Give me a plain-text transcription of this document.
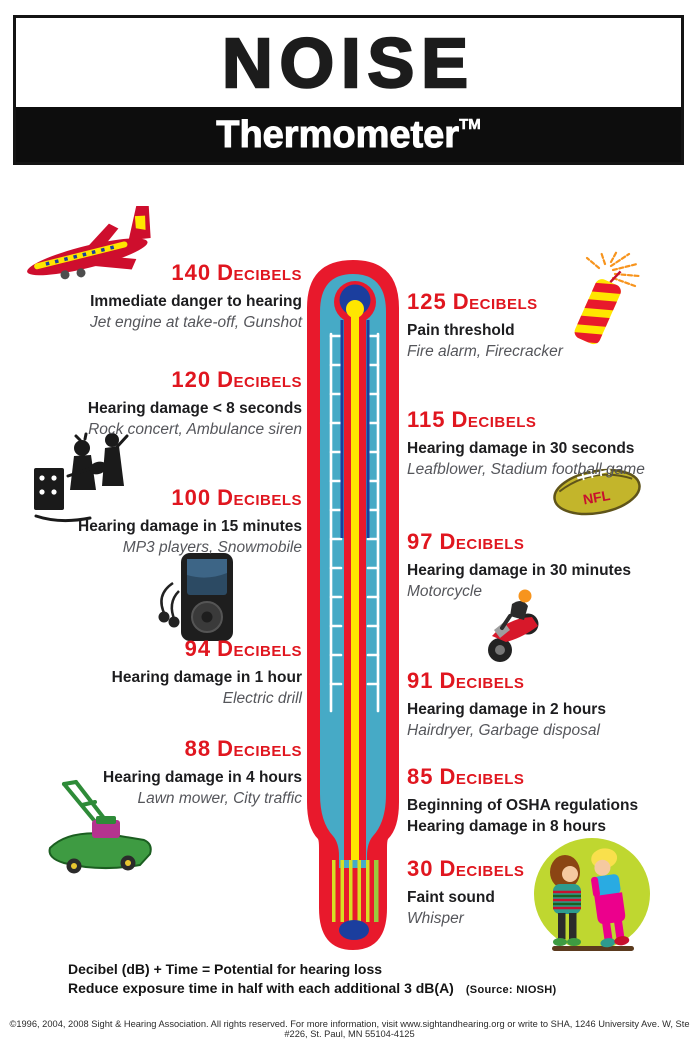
NOISE
Thermometer™
NFL
140 DECIBELS
Immediate danger to hearing
Jet engine at take-off, Gunshot
120 DECIBELS
Hearing damage < 8 seconds
Rock concert, Ambulance siren
100 DECIBELS
Hearing damage in 15 minutes
MP3 players, Snowmobile
94 DECIBELS
Hearing damage in 1 hour
Electric drill
88 DECIBELS
Hearing damage in 4 hours
Lawn mower, City traffic
125 DECIBELS
Pain threshold
Fire alarm, Firecracker
115 DECIBELS
Hearing damage in 30 seconds
Leafblower, Stadium football game
97 DECIBELS
Hearing damage in 30 minutes
Motorcycle
91 DECIBELS
Hearing damage in 2 hours
Hairdryer, Garbage disposal
85 DECIBELS
Beginning of OSHA regulations
Hearing damage in 8 hours
30 DECIBELS
Faint sound
Whisper
Decibel (dB) + Time = Potential for hearing loss
Reduce exposure time in half with each additional 3 dB(A) (Source: NIOSH)
©1996, 2004, 2008 Sight & Hearing Association. All rights reserved. For more information, visit www.sightandhearing.org or write to SHA, 1246 University Ave. W, Ste #226, St. Paul, MN 55104-4125
